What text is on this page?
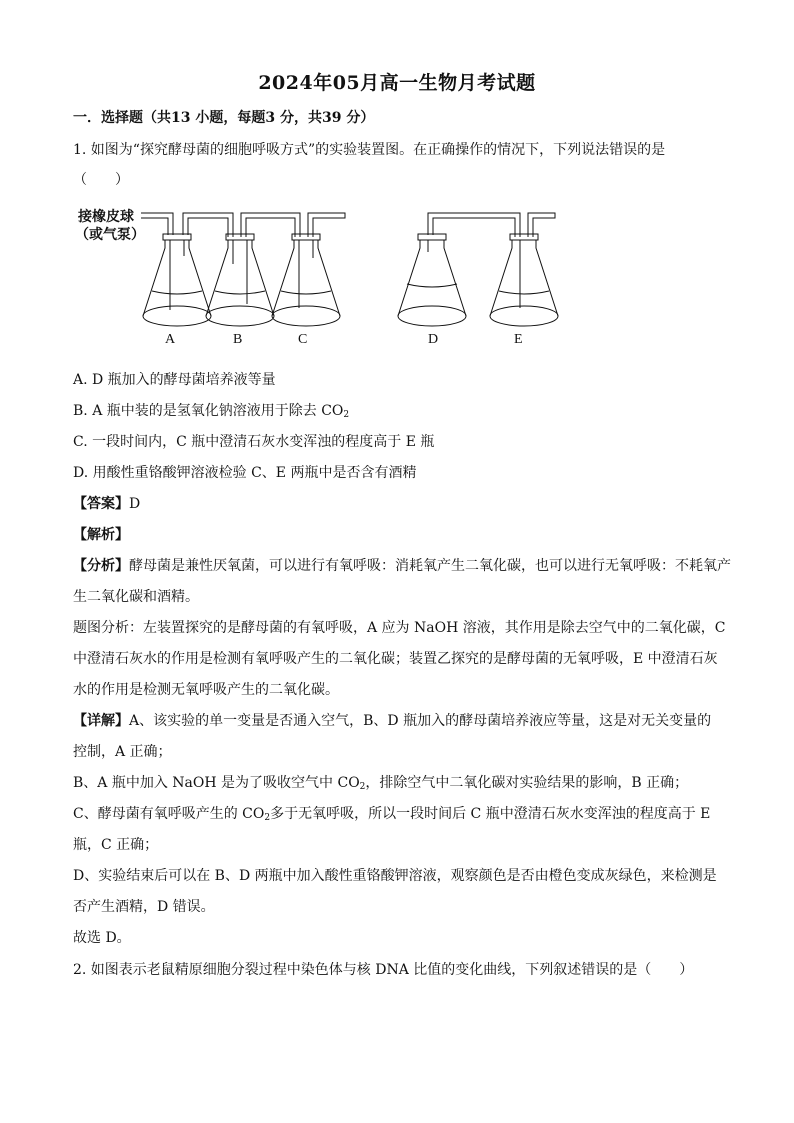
2024年05月高一生物月考试题
一．选择题（共13 小题，每题3 分，共39 分）
1. 如图为“探究酵母菌的细胞呼吸方式”的实验装置图。在正确操作的情况下，下列说法错误的是
（　　）
接橡皮球
（或气泵）
A	B	C	D	E
A. D 瓶加入的酵母菌培养液等量
B. A 瓶中装的是氢氧化钠溶液用于除去 $CO_2$
C. 一段时间内，C 瓶中澄清石灰水变浑浊的程度高于 E 瓶
D. 用酸性重铬酸钾溶液检验 C、E 两瓶中是否含有酒精
【答案】D
【解析】
【分析】酵母菌是兼性厌氧菌，可以进行有氧呼吸：消耗氧产生二氧化碳，也可以进行无氧呼吸：不耗氧产
生二氧化碳和酒精。
题图分析：左装置探究的是酵母菌的有氧呼吸，A 应为 NaOH 溶液，其作用是除去空气中的二氧化碳，C
中澄清石灰水的作用是检测有氧呼吸产生的二氧化碳；装置乙探究的是酵母菌的无氧呼吸，E 中澄清石灰
水的作用是检测无氧呼吸产生的二氧化碳。
【详解】A、该实验的单一变量是否通入空气，B、D 瓶加入的酵母菌培养液应等量，这是对无关变量的
控制，A 正确；
B、A 瓶中加入 NaOH 是为了吸收空气中 $CO_2$，排除空气中二氧化碳对实验结果的影响，B 正确；
C、酵母菌有氧呼吸产生的 $CO_2$多于无氧呼吸，所以一段时间后 C 瓶中澄清石灰水变浑浊的程度高于 E
瓶，C 正确；
D、实验结束后可以在 B、D 两瓶中加入酸性重铬酸钾溶液，观察颜色是否由橙色变成灰绿色，来检测是
否产生酒精，D 错误。
故选 D。
2. 如图表示老鼠精原细胞分裂过程中染色体与核 DNA 比值的变化曲线，下列叙述错误的是（　　）
